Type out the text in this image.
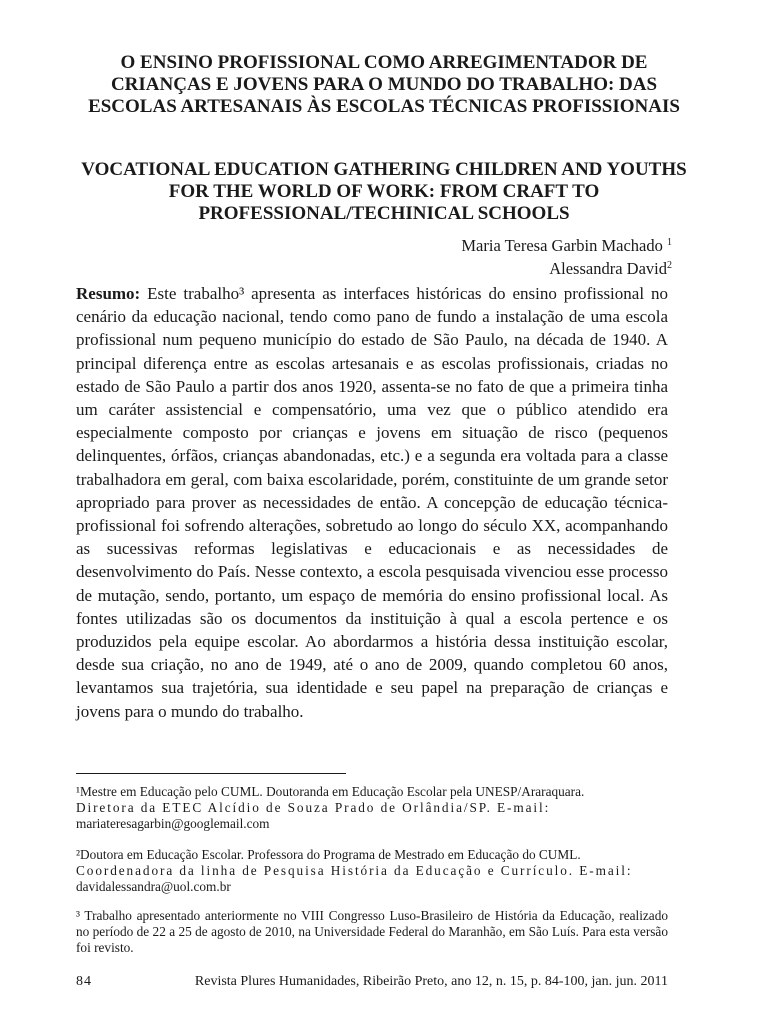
O ENSINO PROFISSIONAL COMO ARREGIMENTADOR DE CRIANÇAS E JOVENS PARA O MUNDO DO TRABALHO: DAS ESCOLAS ARTESANAIS ÀS ESCOLAS TÉCNICAS PROFISSIONAIS
VOCATIONAL EDUCATION GATHERING CHILDREN AND YOUTHS FOR THE WORLD OF WORK: FROM CRAFT TO PROFESSIONAL/TECHINICAL SCHOOLS
Maria Teresa Garbin Machado $^1$
Alessandra David$^2$

Resumo: Este trabalho³ apresenta as interfaces históricas do ensino profissional no cenário da educação nacional, tendo como pano de fundo a instalação de uma escola profissional num pequeno município do estado de São Paulo, na década de 1940. A principal diferença entre as escolas artesanais e as escolas profissionais, criadas no estado de São Paulo a partir dos anos 1920, assenta-se no fato de que a primeira tinha um caráter assistencial e compensatório, uma vez que o público atendido era especialmente composto por crianças e jovens em situação de risco (pequenos delinquentes, órfãos, crianças abandonadas, etc.) e a segunda era voltada para a classe trabalhadora em geral, com baixa escolaridade, porém, constituinte de um grande setor apropriado para prover as necessidades de então. A concepção de educação técnica- profissional foi sofrendo alterações, sobretudo ao longo do século XX, acompanhando as sucessivas reformas legislativas e educacionais e as necessidades de desenvolvimento do País. Nesse contexto, a escola pesquisada vivenciou esse processo de mutação, sendo, portanto, um espaço de memória do ensino profissional local. As fontes utilizadas são os documentos da instituição à qual a escola pertence e os produzidos pela equipe escolar. Ao abordarmos a história dessa instituição escolar, desde sua criação, no ano de 1949, até o ano de 2009, quando completou 60 anos, levantamos sua trajetória, sua identidade e seu papel na preparação de crianças e jovens para o mundo do trabalho.

¹Mestre em Educação pelo CUML. Doutoranda em Educação Escolar pela UNESP/Araraquara.
Diretora da ETEC Alcídio de Souza Prado de Orlândia/SP. E-mail:
mariateresagarbin@googlemail.com

²Doutora em Educação Escolar. Professora do Programa de Mestrado em Educação do CUML.
Coordenadora da linha de Pesquisa História da Educação e Currículo. E-mail:
davidalessandra@uol.com.br

³ Trabalho apresentado anteriormente no VIII Congresso Luso-Brasileiro de História da Educação, realizado no período de 22 a 25 de agosto de 2010, na Universidade Federal do Maranhão, em São Luís. Para esta versão foi revisto.

84	Revista Plures Humanidades, Ribeirão Preto, ano 12, n. 15, p. 84-100, jan. jun. 2011
